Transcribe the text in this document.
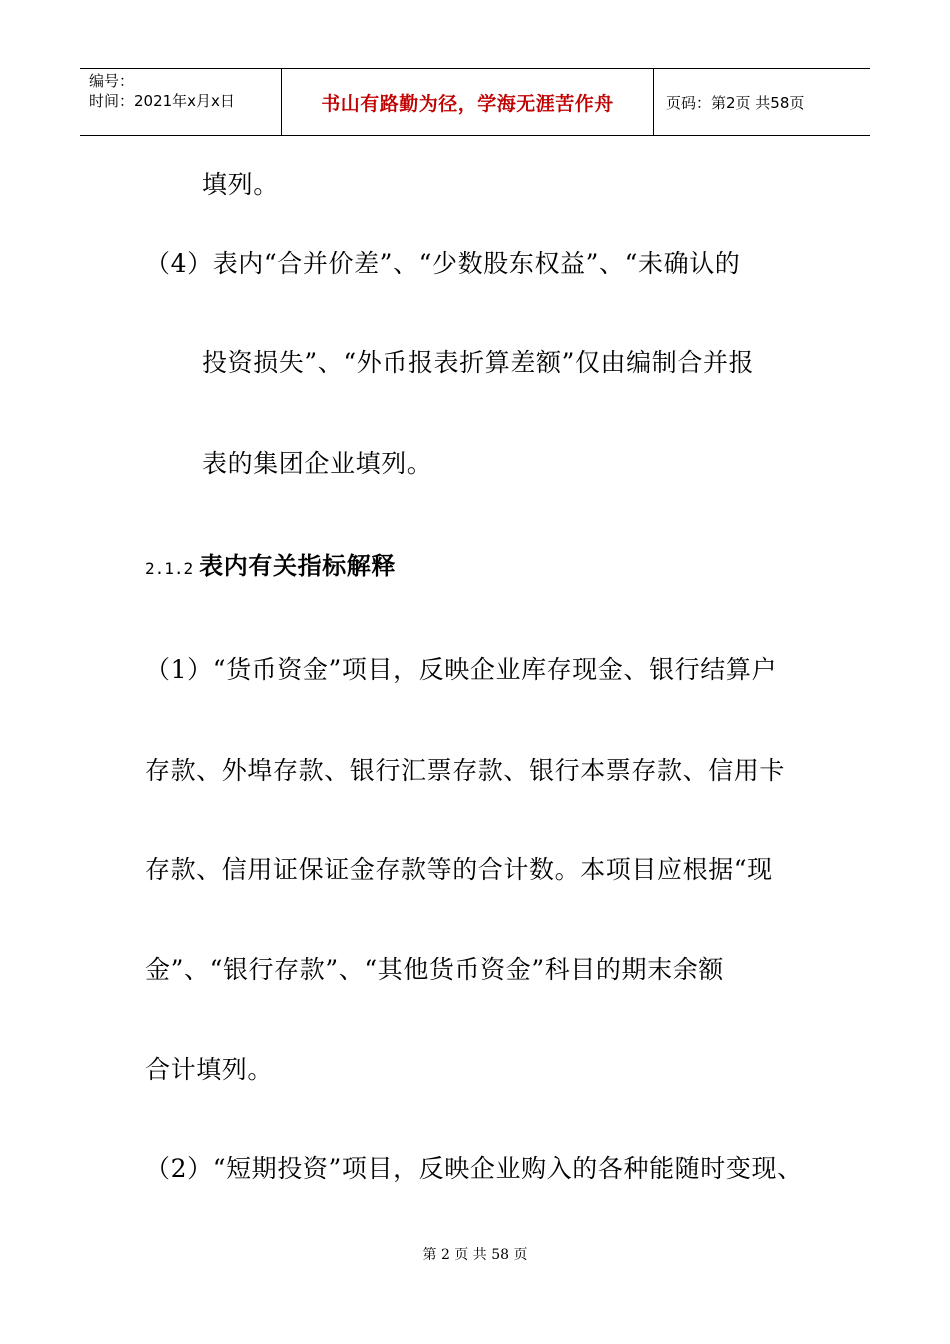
编号：
时间：2021年x月x日	书山有路勤为径，学海无涯苦作舟	页码：第2页 共58页
填列。
（4）表内“合并价差”、“少数股东权益”、“未确认的
投资损失”、“外币报表折算差额”仅由编制合并报
表的集团企业填列。
2.1.2 表内有关指标解释
（1）“货币资金”项目，反映企业库存现金、银行结算户
存款、外埠存款、银行汇票存款、银行本票存款、信用卡
存款、信用证保证金存款等的合计数。本项目应根据“现
金”、“银行存款”、“其他货币资金”科目的期末余额
合计填列。
（2）“短期投资”项目，反映企业购入的各种能随时变现、
第 2 页 共 58 页
